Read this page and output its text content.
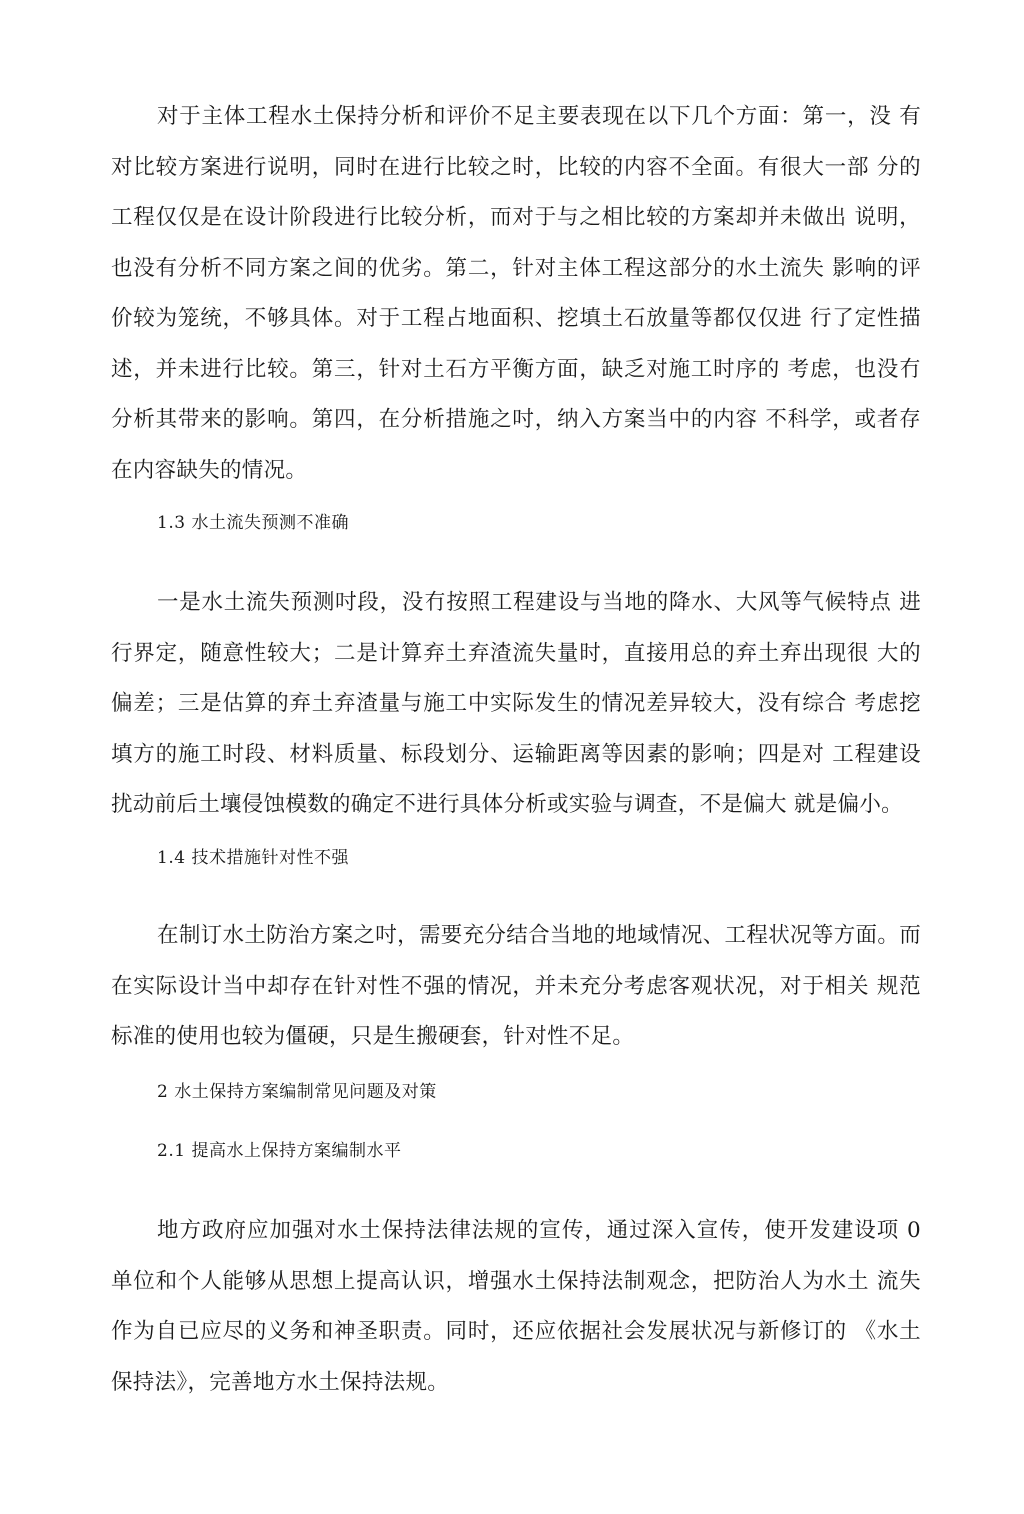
对于主体工程水土保持分析和评价不足主要表现在以下几个方面：第一，没 有对比较方案进行说明，同时在进行比较之时，比较的内容不全面。有很大一部 分的工程仅仅是在设计阶段进行比较分析，而对于与之相比较的方案却并未做出 说明，也没有分析不同方案之间的优劣。第二，针对主体工程这部分的水土流失 影响的评价较为笼统，不够具体。对于工程占地面积、挖填土石放量等都仅仅进 行了定性描述，并未进行比较。第三，针对土石方平衡方面，缺乏对施工时序的 考虑，也没冇分析其带来的影响。第四，在分析措施之吋，纳入方案当中的内容 不科学，或者存在内容缺失的情况。

1.3 水土流失预测不准确

一是水土流失预测吋段，没冇按照工程建设与当地的降水、大风等气候特点 进行界定，随意性较大；二是计算弃土弃渣流失量时，直接用总的弃土弃出现很 大的偏差；三是估算的弃土弃渣量与施工中实际发生的情况差异较大，没有综合 考虑挖填方的施工时段、材料质量、标段划分、运输距离等因素的影响；四是对 工程建设扰动前后土壤侵蚀模数的确定不进行具体分析或实验与调查，不是偏大 就是偏小。

1.4 技术措施针对性不强

在制订水土防治方案之吋，需要充分结合当地的地域情况、工程状况等方面。而在实际设计当中却存在针对性不强的情况，并未充分考虑客观状况，对于相关 规范标准的使用也较为僵硬，只是生搬硬套，针对性不足。

2 水土保持方案编制常见问题及对策
2.1 提高水上保持方案编制水平

地方政府应加强对水土保持法律法规的宣传，通过深入宣传，使开发建设项 0 单位和个人能够从思想上提高认识，增强水土保持法制观念，把防治人为水土 流失作为自已应尽的义务和神圣职责。同时，还应依据社会发展状况与新修订的 《水土保持法》，完善地方水土保持法规。
